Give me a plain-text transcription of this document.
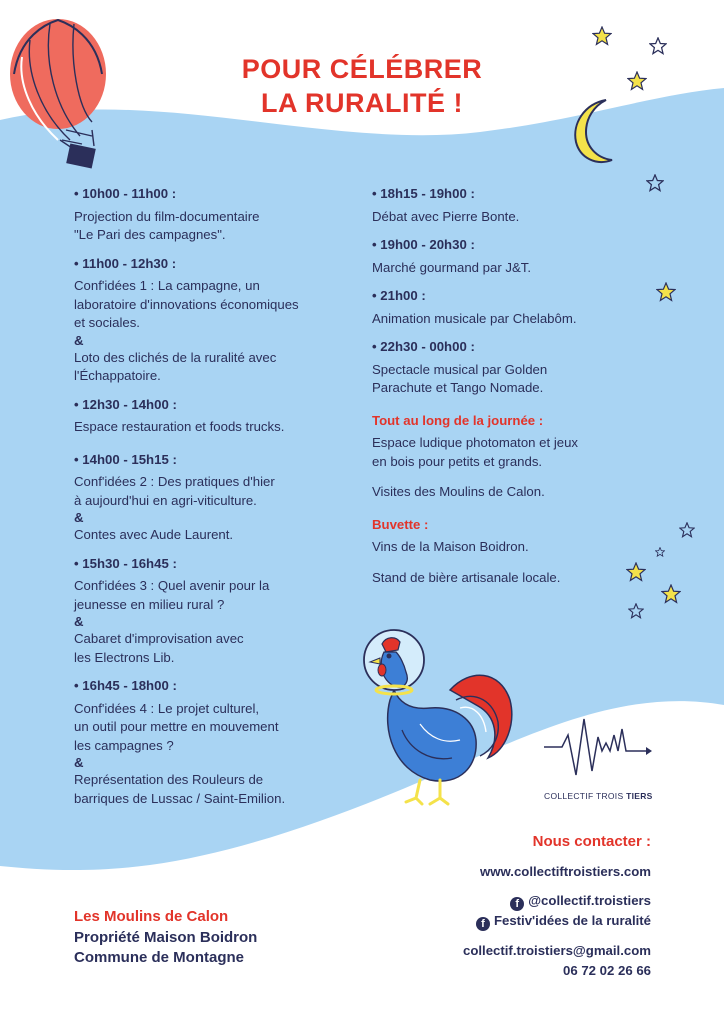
COLLECTIF TROIS TIERS
POUR CÉLÉBRER
LA RURALITÉ !
• 10h00 - 11h00 :
Projection du film-documentaire
"Le Pari des campagnes".
• 11h00 - 12h30 :
Conf'idées 1 : La campagne, un
laboratoire d'innovations économiques
et sociales.
&
Loto des clichés de la ruralité avec
l'Échappatoire.
• 12h30 - 14h00 :
Espace restauration et foods trucks.
• 14h00 - 15h15 :
Conf'idées 2 : Des pratiques d'hier
à aujourd'hui en agri-viticulture.
&
Contes avec Aude Laurent.
• 15h30 - 16h45 :
Conf'idées 3 : Quel avenir pour la
jeunesse en milieu rural ?
&
Cabaret d'improvisation avec
les Electrons Lib.
• 16h45 - 18h00 :
Conf'idées 4 : Le projet culturel,
un outil pour mettre en mouvement
les campagnes ?
&
Représentation des Rouleurs de
barriques de Lussac / Saint-Emilion.
• 18h15 - 19h00 :
Débat avec Pierre Bonte.
• 19h00 - 20h30 :
Marché gourmand par J&T.
• 21h00 :
Animation musicale par Chelabôm.
• 22h30 - 00h00 :
Spectacle musical par Golden
Parachute et Tango Nomade.
Tout au long de la journée :
Espace ludique photomaton et jeux
en bois pour petits et grands.
Visites des Moulins de Calon.
Buvette :
Vins de la Maison Boidron.
Stand de bière artisanale locale.
Les Moulins de Calon
Propriété Maison Boidron
Commune de Montagne
Nous contacter :
www.collectiftroistiers.com
f @collectif.troistiers
f Festiv'idées de la ruralité
collectif.troistiers@gmail.com
06 72 02 26 66
